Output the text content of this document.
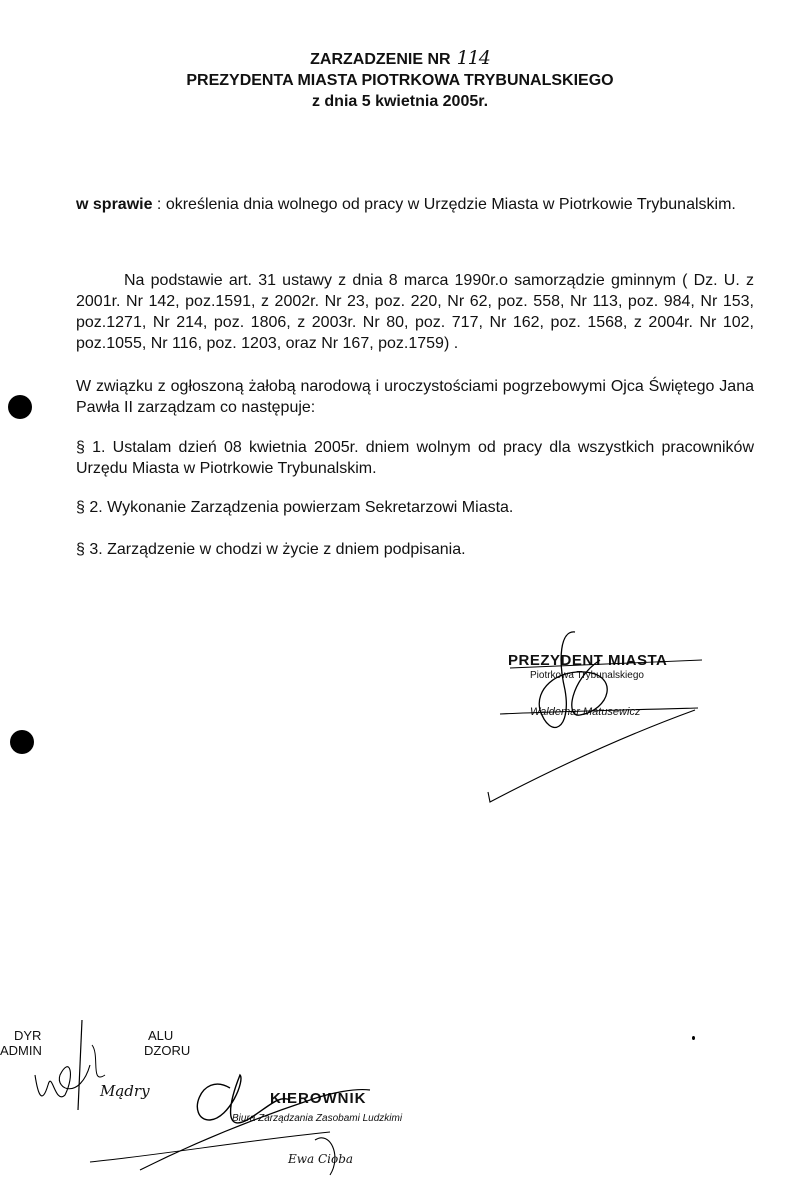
ZARZADZENIE NR 114
PREZYDENTA MIASTA PIOTRKOWA TRYBUNALSKIEGO
z dnia 5 kwietnia 2005r.
w sprawie : określenia dnia wolnego od pracy w Urzędzie Miasta w Piotrkowie Trybunalskim.
Na podstawie art. 31 ustawy z dnia 8 marca 1990r.o samorządzie gminnym ( Dz. U. z 2001r. Nr 142, poz.1591, z 2002r. Nr 23, poz. 220, Nr 62, poz. 558, Nr 113, poz. 984, Nr 153, poz.1271, Nr 214, poz. 1806, z 2003r. Nr 80, poz. 717, Nr 162, poz. 1568, z 2004r. Nr 102, poz.1055, Nr 116, poz. 1203, oraz Nr 167, poz.1759) .
W związku z ogłoszoną żałobą narodową i uroczystościami pogrzebowymi Ojca Świętego Jana Pawła II zarządzam co następuje:
§ 1. Ustalam dzień 08 kwietnia 2005r. dniem wolnym od pracy dla wszystkich pracowników Urzędu Miasta w Piotrkowie Trybunalskim.
§ 2. Wykonanie Zarządzenia powierzam Sekretarzowi Miasta.
§ 3. Zarządzenie w chodzi w życie z dniem podpisania.
PREZYDENT MIASTA
Piotrkowa Trybunalskiego
Waldemar Matusewicz
DYR	ALU
ADMIN	DZORU
Mądry	KIEROWNIK
Biura Zarządzania Zasobami Ludzkimi
Ewa Cioba
